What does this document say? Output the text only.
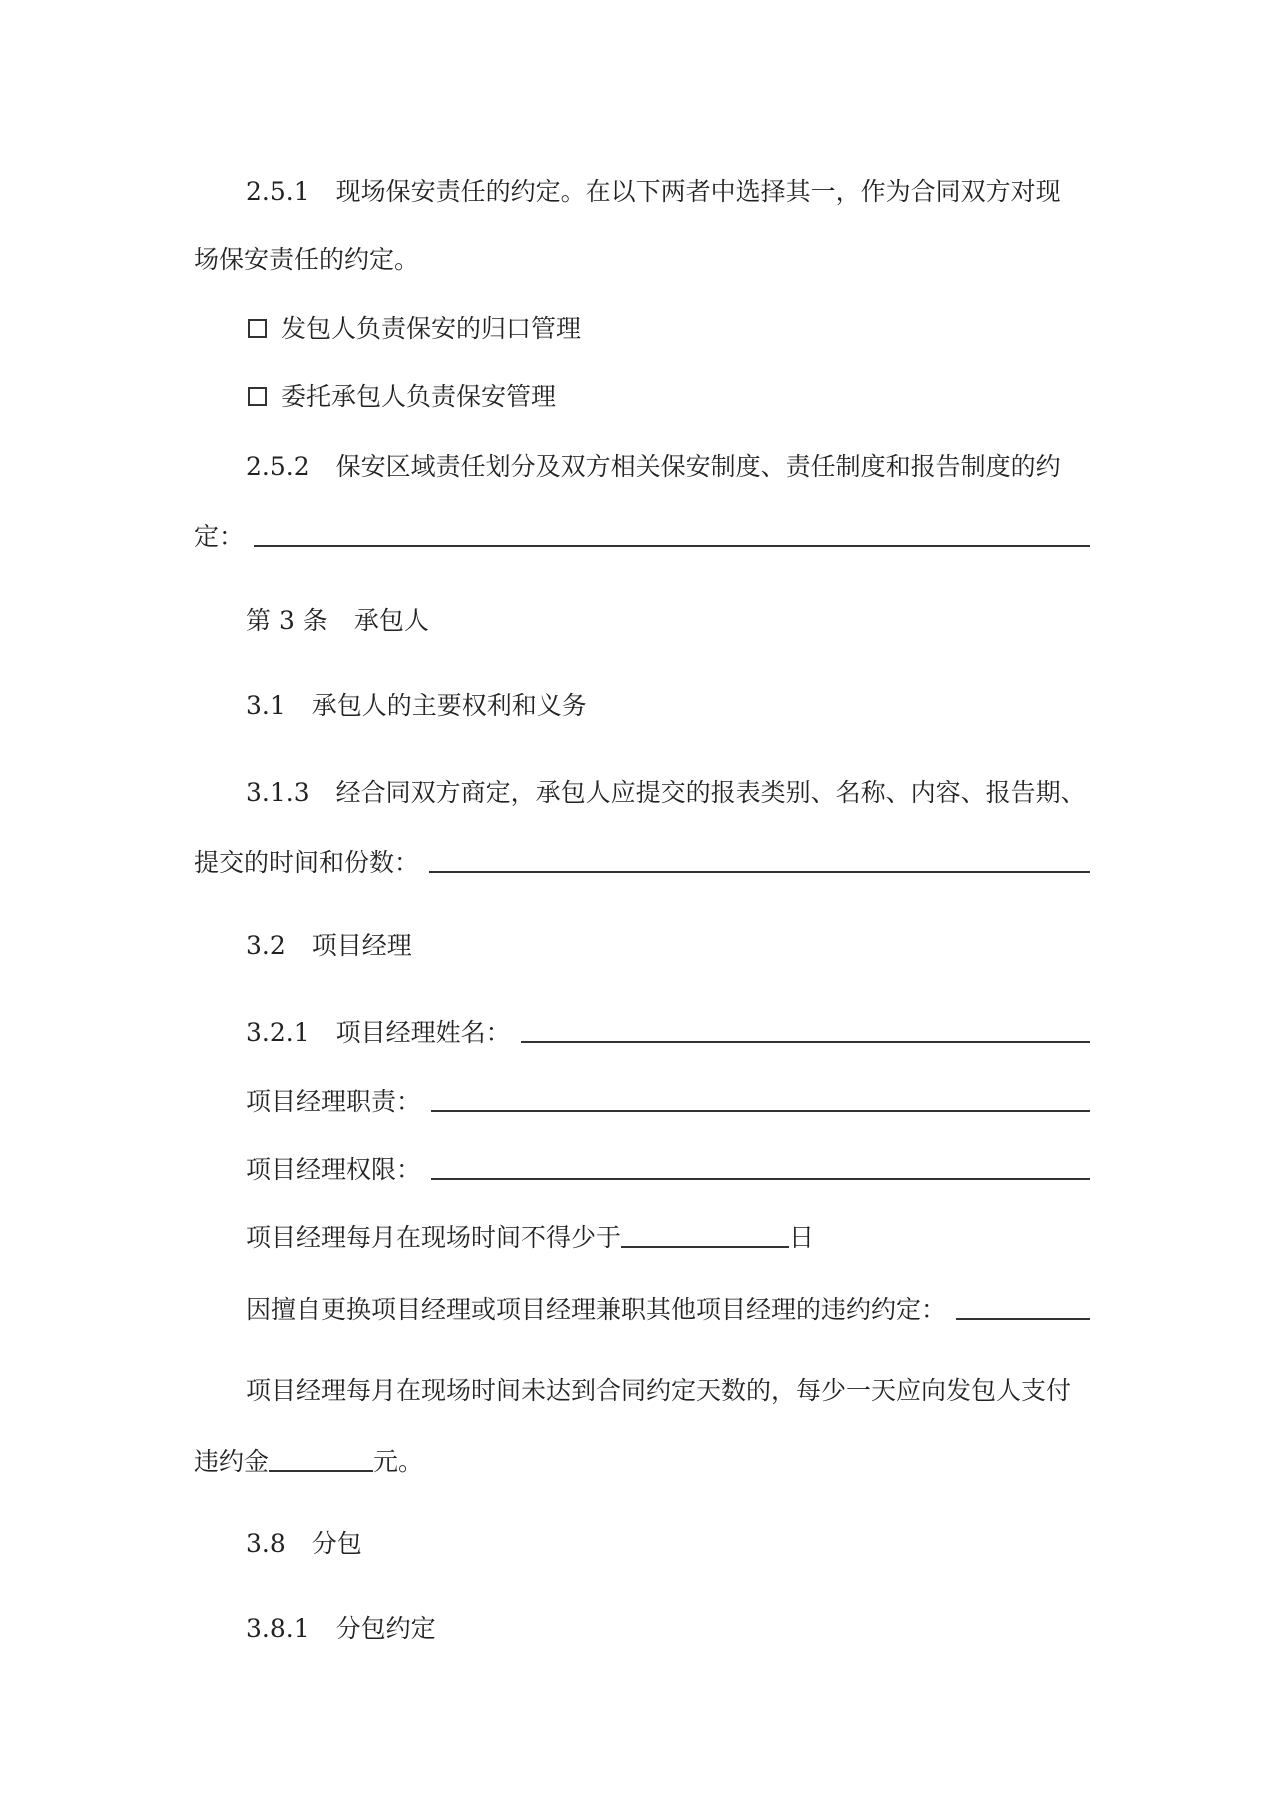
2.5.1 现场保安责任的约定。在以下两者中选择其一，作为合同双方对现
场保安责任的约定。
发包人负责保安的归口管理
委托承包人负责保安管理
2.5.2 保安区域责任划分及双方相关保安制度、责任制度和报告制度的约
定：
第 3 条 承包人
3.1 承包人的主要权利和义务
3.1.3 经合同双方商定，承包人应提交的报表类别、名称、内容、报告期、
提交的时间和份数：
3.2 项目经理
3.2.1 项目经理姓名：
项目经理职责：
项目经理权限：
项目经理每月在现场时间不得少于	日
因擅自更换项目经理或项目经理兼职其他项目经理的违约约定：
项目经理每月在现场时间未达到合同约定天数的，每少一天应向发包人支付
违约金	元。
3.8 分包
3.8.1 分包约定
